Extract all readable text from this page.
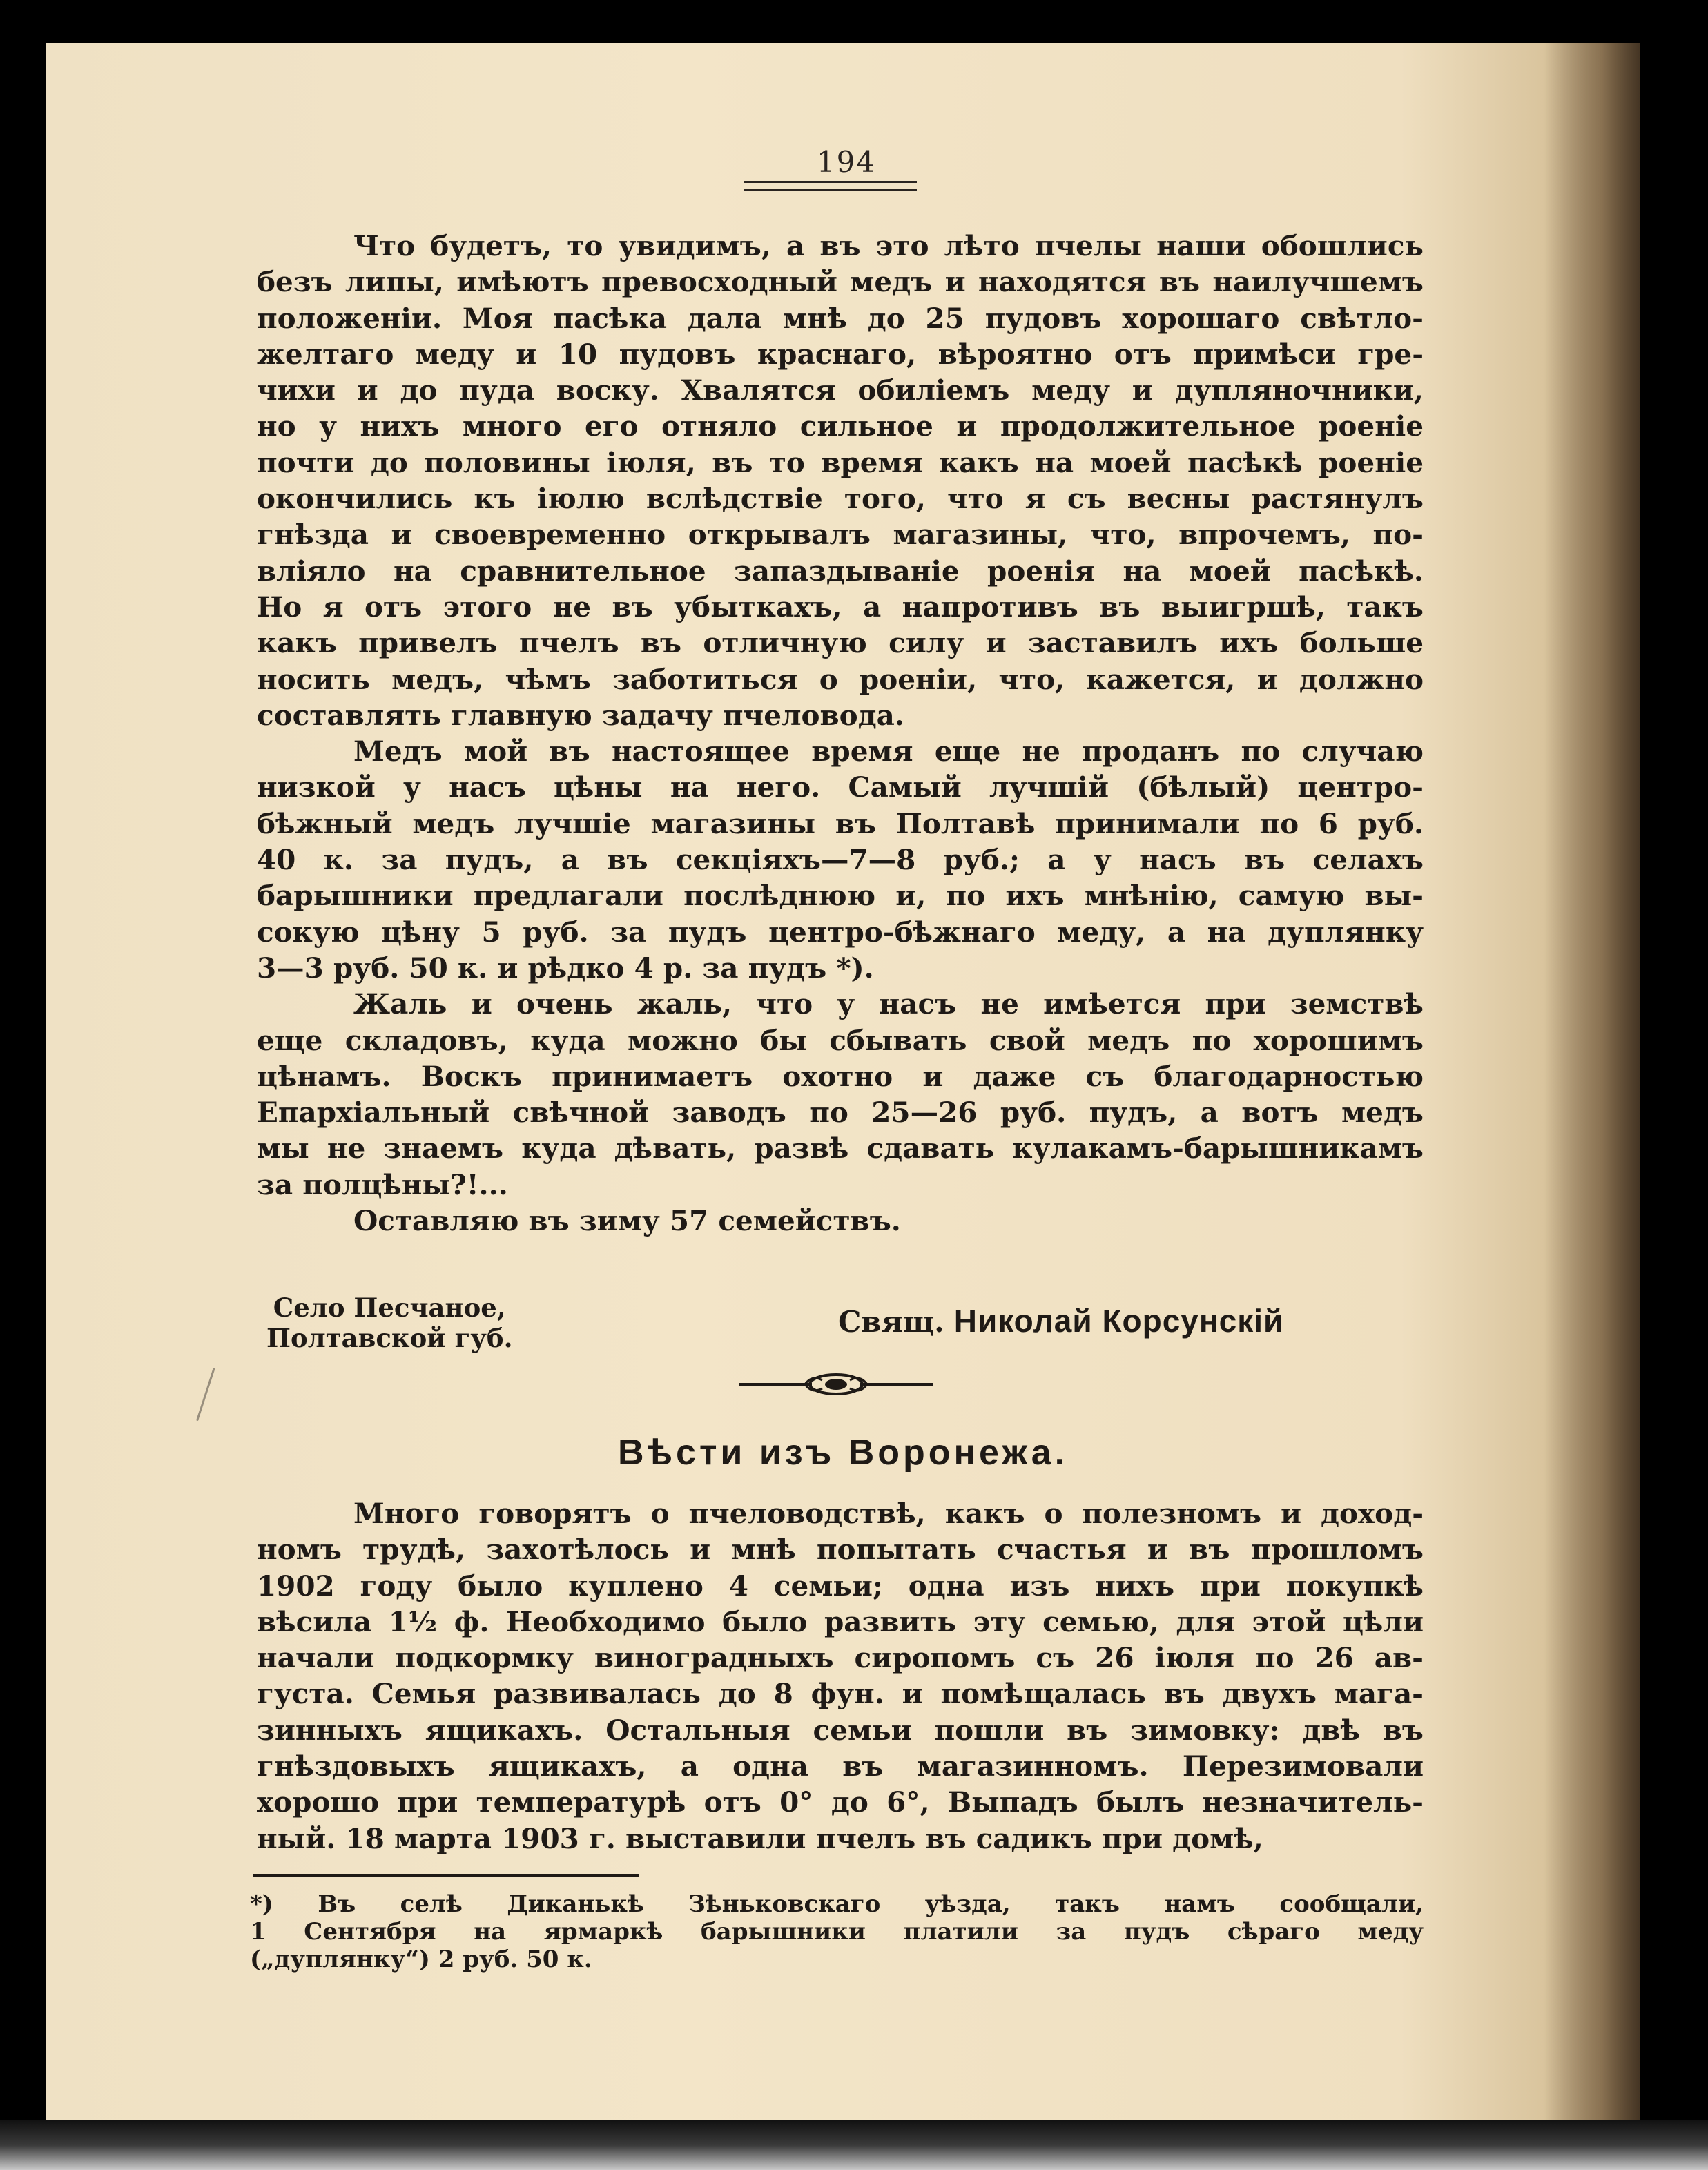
194
Что будетъ, то увидимъ, а въ это лѣто пчелы наши обошлись
безъ липы, имѣютъ превосходный медъ и находятся въ наилучшемъ
положеніи. Моя пасѣка дала мнѣ до 25 пудовъ хорошаго свѣтло-
желтаго меду и 10 пудовъ краснаго, вѣроятно отъ примѣси гре-
чихи и до пуда воску. Хвалятся обиліемъ меду и дупляночники,
но у нихъ много его отняло сильное и продолжительное роеніе
почти до половины іюля, въ то время какъ на моей пасѣкѣ роеніе
окончились къ іюлю вслѣдствіе того, что я съ весны растянулъ
гнѣзда и своевременно открывалъ магазины, что, впрочемъ, по-
вліяло на сравнительное запаздываніе роенія на моей пасѣкѣ.
Но я отъ этого не въ убыткахъ, а напротивъ въ выигршѣ, такъ
какъ привелъ пчелъ въ отличную силу и заставилъ ихъ больше
носить медъ, чѣмъ заботиться о роеніи, что, кажется, и должно
составлять главную задачу пчеловода.
Медъ мой въ настоящее время еще не проданъ по случаю
низкой у насъ цѣны на него. Самый лучшій (бѣлый) центро-
бѣжный медъ лучшіе магазины въ Полтавѣ принимали по 6 руб.
40 к. за пудъ, а въ секціяхъ—7—8 руб.; а у насъ въ селахъ
барышники предлагали послѣднюю и, по ихъ мнѣнію, самую вы-
сокую цѣну 5 руб. за пудъ центро-бѣжнаго меду, а на дуплянку
3—3 руб. 50 к. и рѣдко 4 р. за пудъ *).
Жаль и очень жаль, что у насъ не имѣется при земствѣ
еще складовъ, куда можно бы сбывать свой медъ по хорошимъ
цѣнамъ. Воскъ принимаетъ охотно и даже съ благодарностью
Епархіальный свѣчной заводъ по 25—26 руб. пудъ, а вотъ медъ
мы не знаемъ куда дѣвать, развѣ сдавать кулакамъ-барышникамъ
за полцѣны?!...
Оставляю въ зиму 57 семействъ.
Село Песчаное,
Полтавской губ.	Свящ. Николай Корсунскій
Вѣсти изъ Воронежа.
Много говорятъ о пчеловодствѣ, какъ о полезномъ и доход-
номъ трудѣ, захотѣлось и мнѣ попытать счастья и въ прошломъ
1902 году было куплено 4 семьи; одна изъ нихъ при покупкѣ
вѣсила 1½ ф. Необходимо было развить эту семью, для этой цѣли
начали подкормку виноградныхъ сиропомъ съ 26 іюля по 26 ав-
густа. Семья развивалась до 8 фун. и помѣщалась въ двухъ мага-
зинныхъ ящикахъ. Остальныя семьи пошли въ зимовку: двѣ въ
гнѣздовыхъ ящикахъ, а одна въ магазинномъ. Перезимовали
хорошо при температурѣ отъ 0° до 6°, Выпадъ былъ незначитель-
ный. 18 марта 1903 г. выставили пчелъ въ садикъ при домѣ,
*) Въ селѣ Диканькѣ Зѣньковскаго уѣзда, такъ намъ сообщали,
1 Сентября на ярмаркѣ барышники платили за пудъ сѣраго меду
(„дуплянку“) 2 руб. 50 к.
